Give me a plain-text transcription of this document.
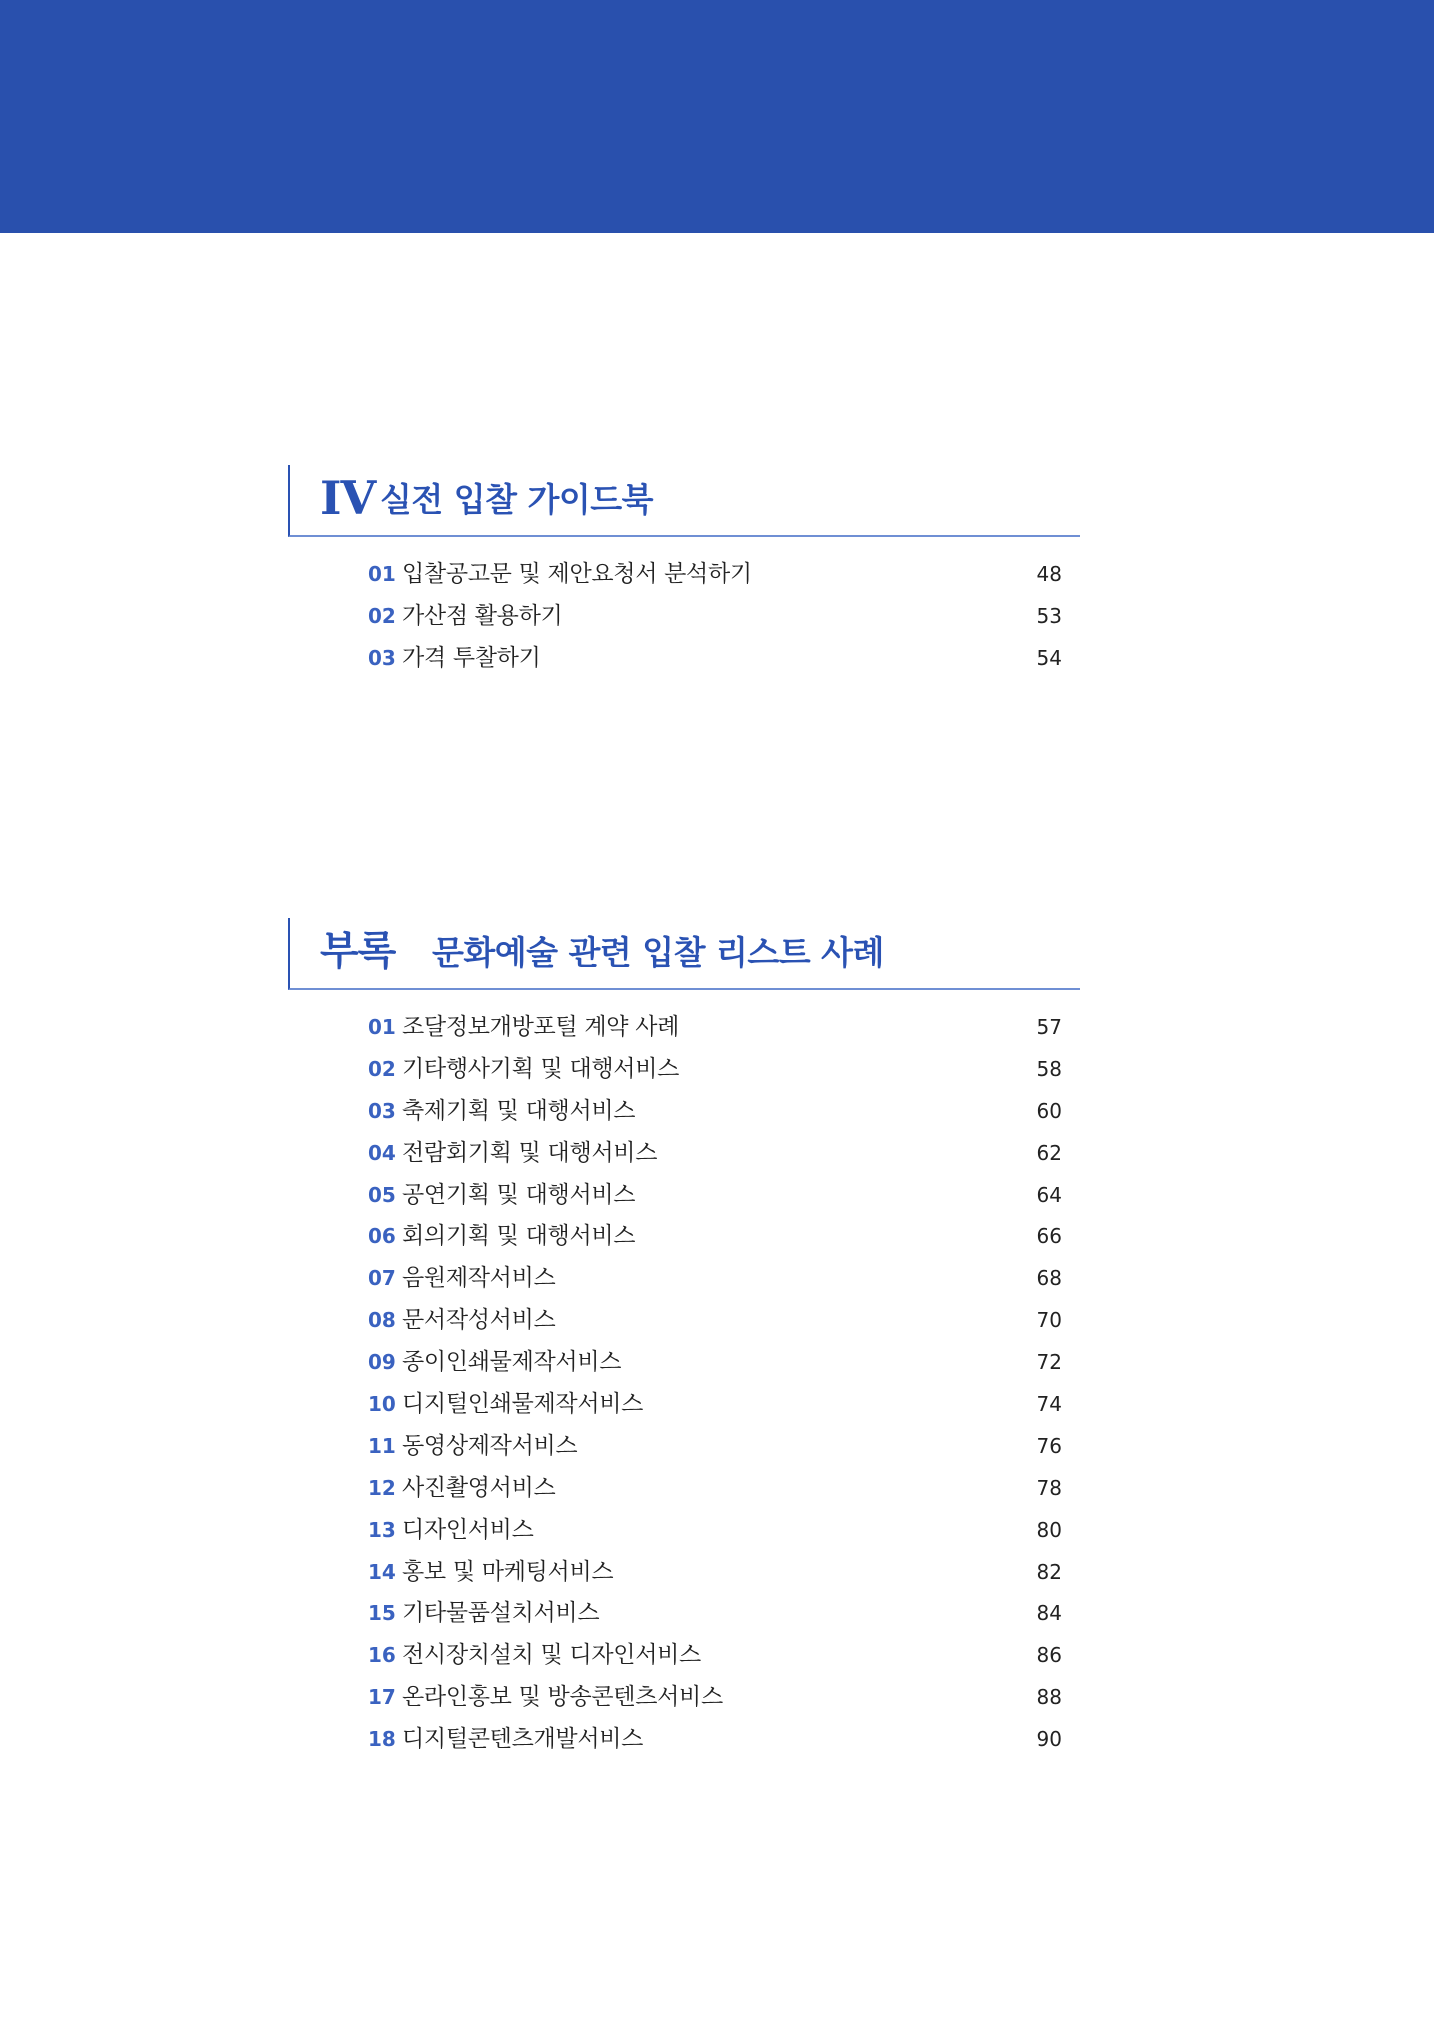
IV 실전 입찰 가이드북
01 입찰공고문 및 제안요청서 분석하기	48
02 가산점 활용하기	53
03 가격 투찰하기	54
부록 문화예술 관련 입찰 리스트 사례
01 조달정보개방포털 계약 사례	57
02 기타행사기획 및 대행서비스	58
03 축제기획 및 대행서비스	60
04 전람회기획 및 대행서비스	62
05 공연기획 및 대행서비스	64
06 회의기획 및 대행서비스	66
07 음원제작서비스	68
08 문서작성서비스	70
09 종이인쇄물제작서비스	72
10 디지털인쇄물제작서비스	74
11 동영상제작서비스	76
12 사진촬영서비스	78
13 디자인서비스	80
14 홍보 및 마케팅서비스	82
15 기타물품설치서비스	84
16 전시장치설치 및 디자인서비스	86
17 온라인홍보 및 방송콘텐츠서비스	88
18 디지털콘텐츠개발서비스	90
